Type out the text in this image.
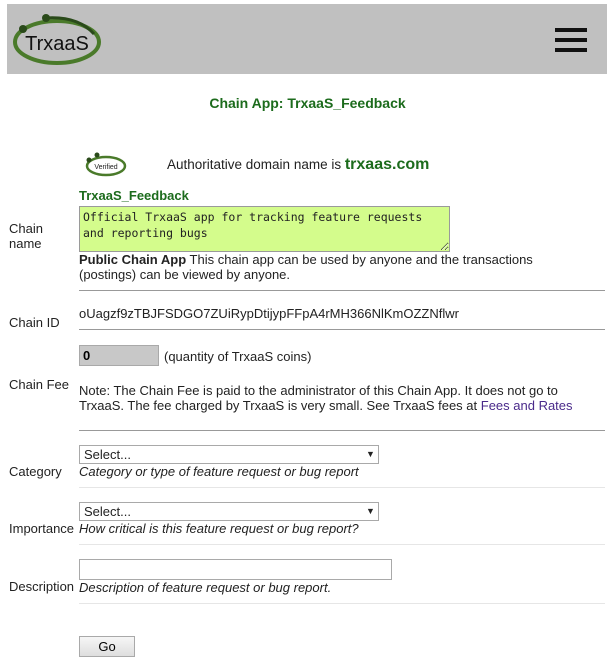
TrxaaS
Chain App: TrxaaS_Feedback
Verified	Authoritative domain name is trxaas.com
Chain
name
TrxaaS_Feedback
Official TrxaaS app for tracking feature requests and reporting bugs
Public Chain App This chain app can be used by anyone and the transactions (postings) can be viewed by anyone.
Chain ID
oUagzf9zTBJFSDGO7ZUiRypDtijypFFpA4rMH366NlKmOZZNflwr
0
(quantity of TrxaaS coins)
Chain Fee Note: The Chain Fee is paid to the administrator of this Chain App. It does not go to TrxaaS. The fee charged by TrxaaS is very small. See TrxaaS fees at Fees and Rates
Select...
▼
Category Category or type of feature request or bug report
Select...
▼
Importance How critical is this feature request or bug report?
Description Description of feature request or bug report.
Go
